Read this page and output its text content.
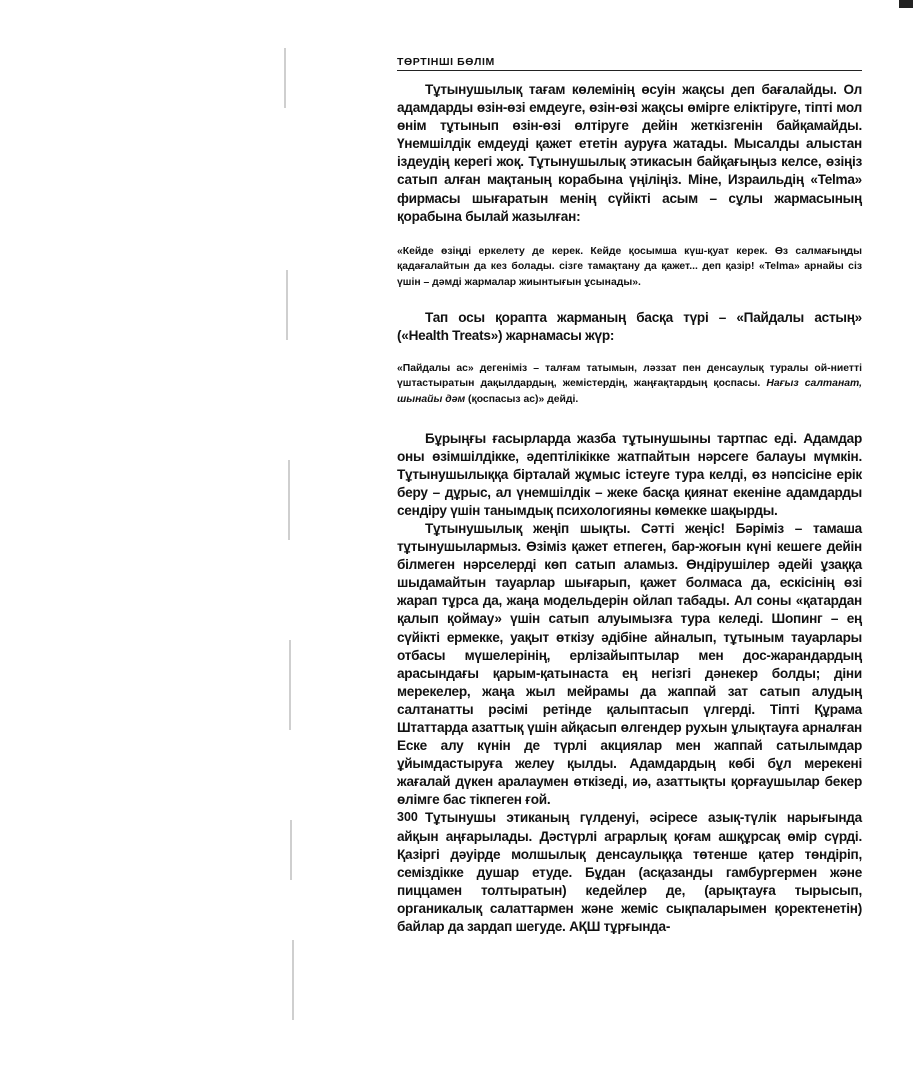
ТӨРТІНШІ БӨЛІМ

Тұтынушылық тағам көлемінің өсуін жақсы деп бағалайды. Ол адамдарды өзін-өзі емдеуге, өзін-өзі жақсы өмірге еліктіруге, тіпті мол өнім тұтынып өзін-өзі өлтіруге дейін жеткізгенін байқамайды. Үнемшілдік емдеуді қажет ететін ауруға жатады. Мысалды алыстан іздеудің керегі жоқ. Тұтынушылық этикасын байқағыңыз келсе, өзіңіз сатып алған мақтаның корабына үңіліңіз. Міне, Израильдің «Telma» фирмасы шығаратын менің сүйікті асым – сұлы жармасының қорабына былай жазылған:

«Кейде өзіңді еркелету де керек. Кейде қосымша күш-қуат керек. Өз салмағыңды қадағалайтын да кез болады. сізге тамақтану да қажет... деп қазір! «Telma» арнайы сіз үшін – дәмді жармалар жиынтығын ұсынады».

Тап осы қорапта жарманың басқа түрі – «Пайдалы астың» («Health Treats») жарнамасы жүр:

«Пайдалы ас» дегеніміз – талғам татымын, ләззат пен денсаулық туралы ой-ниетті үштастыратын дақылдардың, жемістердің, жаңғақтардың қоспасы. Нағыз салтанат, шынайы дәм (қоспасыз ас)» дейді.

Бұрыңғы ғасырларда жазба тұтынушыны тартпас еді. Адамдар оны өзімшілдікке, әдептілікікке жатпайтын нәрсеге балауы мүмкін. Тұтынушылыққа бірталай жұмыс істеуге тура келді, өз нәпсісіне ерік беру – дұрыс, ал үнемшілдік – жеке басқа қиянат екеніне адамдарды сендіру үшін танымдық психологияны көмекке шақырды.

Тұтынушылық жеңіп шықты. Сәтті жеңіс! Бәріміз – тамаша тұтынушылармыз. Өзіміз қажет етпеген, бар-жоғын күні кешеге дейін білмеген нәрселерді көп сатып аламыз. Өндірушілер әдейі ұзаққа шыдамайтын тауарлар шығарып, қажет болмаса да, ескісінің өзі жарап тұрса да, жаңа модельдерін ойлап табады. Ал соны «қатардан қалып қоймау» үшін сатып алуымызға тура келеді. Шопинг – ең сүйікті ермекке, уақыт өткізу әдібіне айналып, тұтыным тауарлары отбасы мүшелерінің, ерлізайыптылар мен дос-жарандардың арасындағы қарым-қатынаста ең негізгі дәнекер болды; діни мерекелер, жаңа жыл мейрамы да жаппай зат сатып алудың салтанатты рәсімі ретінде қалыптасып үлгерді. Тіпті Құрама Штаттарда азаттық үшін айқасып өлгендер рухын ұлықтауға арналған Еске алу күнін де түрлі акциялар мен жаппай сатылымдар ұйымдастыруға желеу қылды. Адамдардың көбі бұл мерекені жағалай дүкен аралаумен өткізеді, иә, азаттықты қорғаушылар бекер өлімге бас тікпеген ғой.

Тұтынушы этиканың гүлденуі, әсіресе азық-түлік нарығында айқын аңғарылады. Дәстүрлі аграрлық қоғам ашқұрсақ өмір сүрді. Қазіргі дәуірде молшылық денсаулыққа төтенше қатер төндіріп, семіздікке душар етуде. Бұдан (асқазанды гамбургермен және пиццамен толтыратын) кедейлер де, (арықтауға тырысып, органикалық салаттармен және жеміс сықпаларымен қоректенетін) байлар да зардап шегуде. АҚШ тұрғында-

300
